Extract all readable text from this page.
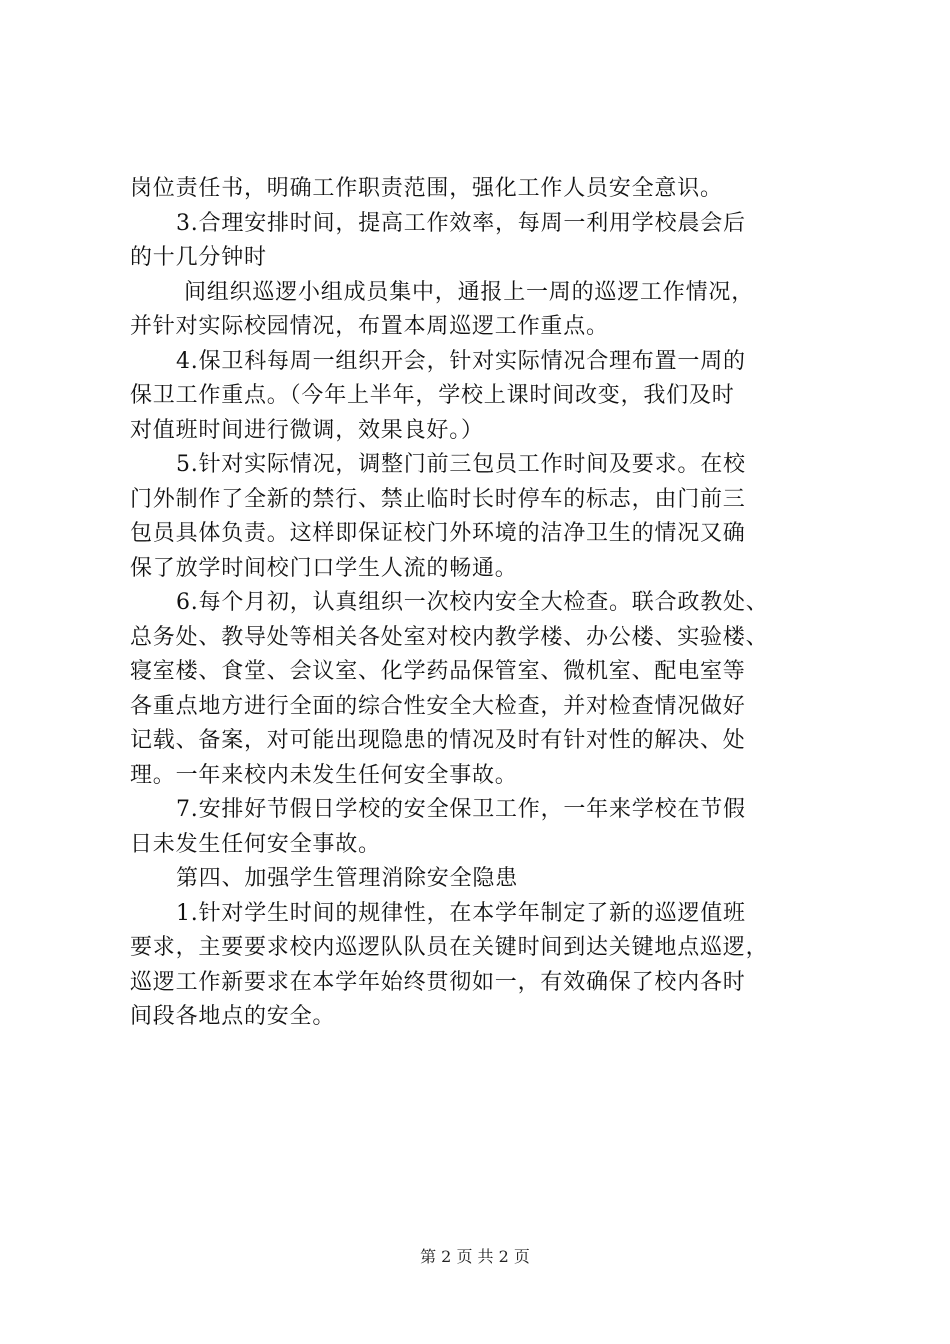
岗位责任书，明确工作职责范围，强化工作人员安全意识。
3.合理安排时间，提高工作效率，每周一利用学校晨会后
的十几分钟时
间组织巡逻小组成员集中，通报上一周的巡逻工作情况，
并针对实际校园情况，布置本周巡逻工作重点。
4.保卫科每周一组织开会，针对实际情况合理布置一周的
保卫工作重点。（今年上半年，学校上课时间改变，我们及时
对值班时间进行微调，效果良好。）
5.针对实际情况，调整门前三包员工作时间及要求。在校
门外制作了全新的禁行、禁止临时长时停车的标志，由门前三
包员具体负责。这样即保证校门外环境的洁净卫生的情况又确
保了放学时间校门口学生人流的畅通。
6.每个月初，认真组织一次校内安全大检查。联合政教处、
总务处、教导处等相关各处室对校内教学楼、办公楼、实验楼、
寝室楼、食堂、会议室、化学药品保管室、微机室、配电室等
各重点地方进行全面的综合性安全大检查，并对检查情况做好
记载、备案，对可能出现隐患的情况及时有针对性的解决、处
理。一年来校内未发生任何安全事故。
7.安排好节假日学校的安全保卫工作，一年来学校在节假
日未发生任何安全事故。
第四、加强学生管理消除安全隐患
1.针对学生时间的规律性，在本学年制定了新的巡逻值班
要求，主要要求校内巡逻队队员在关键时间到达关键地点巡逻，
巡逻工作新要求在本学年始终贯彻如一，有效确保了校内各时
间段各地点的安全。
第 2 页 共 2 页
